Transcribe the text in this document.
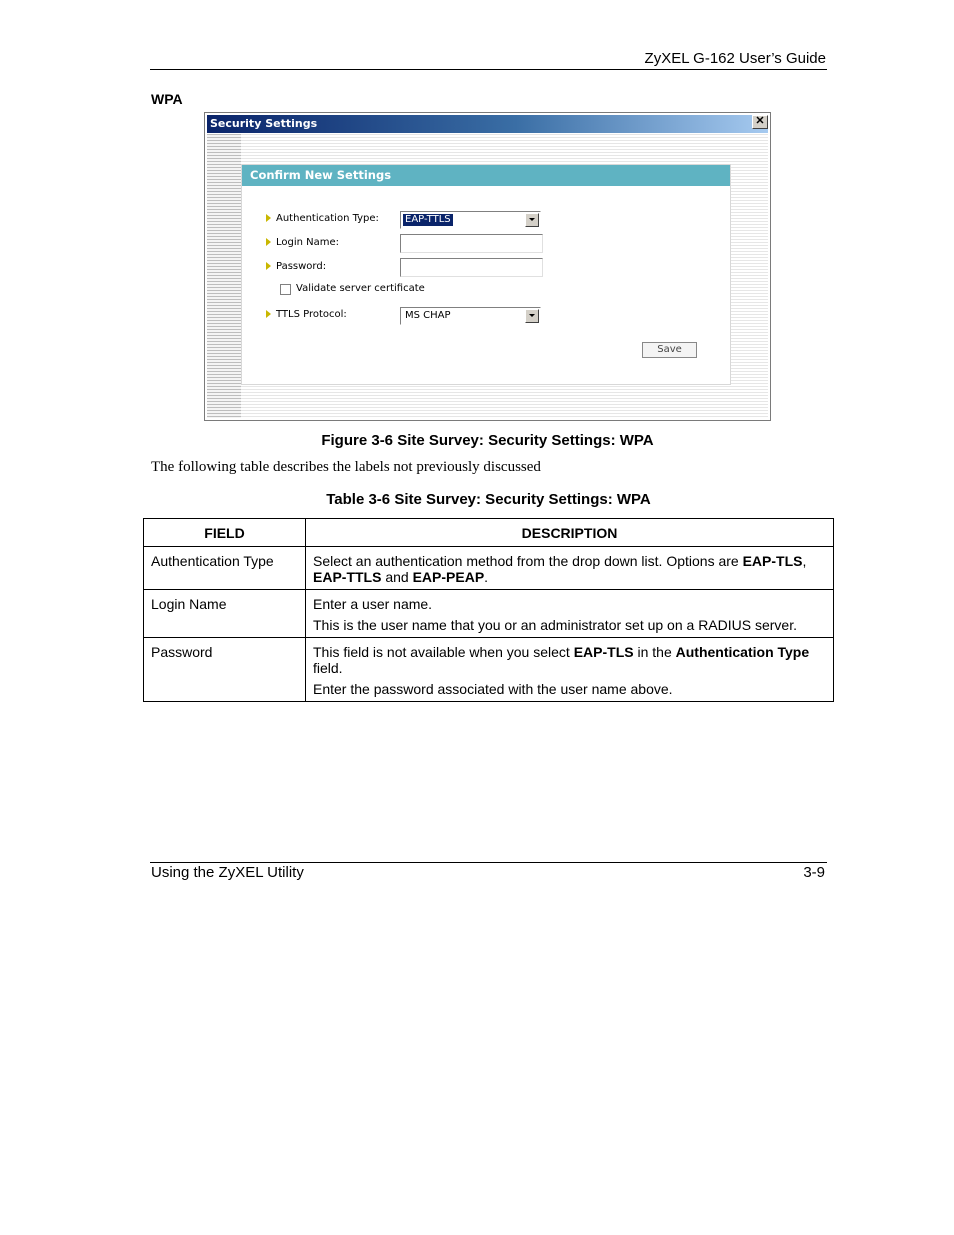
ZyXEL G-162 User’s Guide
WPA
Security Settings	✕
Confirm New Settings
Authentication Type:	EAP-TTLS
Login Name:
Password:
Validate server certificate
TTLS Protocol:	MS CHAP
Save
Figure 3-6 Site Survey: Security Settings: WPA
The following table describes the labels not previously discussed
Table 3-6 Site Survey: Security Settings: WPA
FIELD	DESCRIPTION

Authentication Type	Select an authentication method from the drop down list. Options are EAP-TLS,
EAP-TTLS and EAP-PEAP.

Login Name	Enter a user name.

This is the user name that you or an administrator set up on a RADIUS server.

Password	This field is not available when you select EAP-TLS in the Authentication Type field.

Enter the password associated with the user name above.

Using the ZyXEL Utility	3-9
